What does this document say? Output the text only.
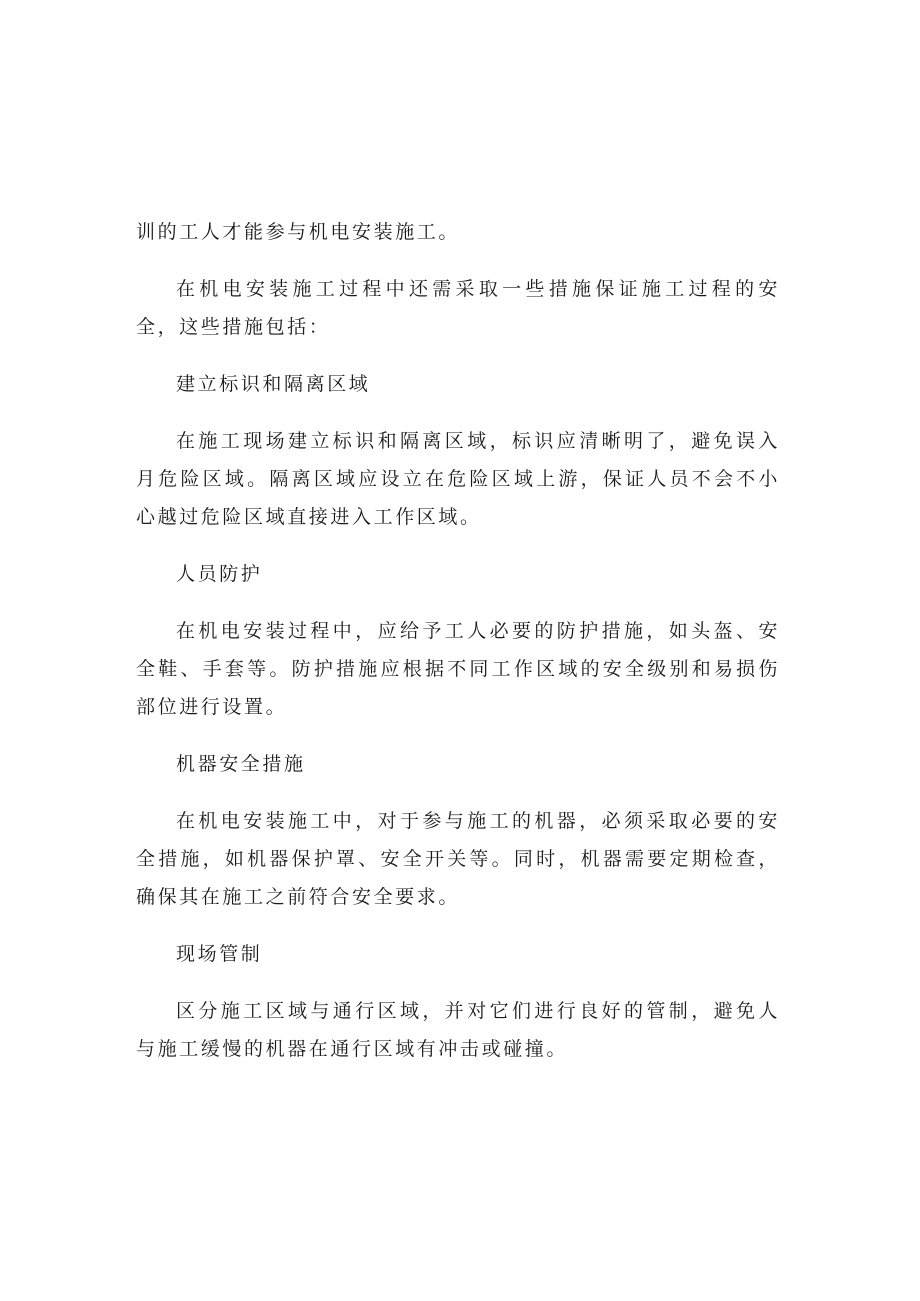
训的工人才能参与机电安装施工。

在机电安装施工过程中还需采取一些措施保证施工过程的安全，这些措施包括：

建立标识和隔离区域

在施工现场建立标识和隔离区域，标识应清晰明了，避免误入月危险区域。隔离区域应设立在危险区域上游，保证人员不会不小心越过危险区域直接进入工作区域。

人员防护

在机电安装过程中，应给予工人必要的防护措施，如头盔、安全鞋、手套等。防护措施应根据不同工作区域的安全级别和易损伤部位进行设置。

机器安全措施

在机电安装施工中，对于参与施工的机器，必须采取必要的安全措施，如机器保护罩、安全开关等。同时，机器需要定期检查，确保其在施工之前符合安全要求。

现场管制

区分施工区域与通行区域，并对它们进行良好的管制，避免人与施工缓慢的机器在通行区域有冲击或碰撞。
